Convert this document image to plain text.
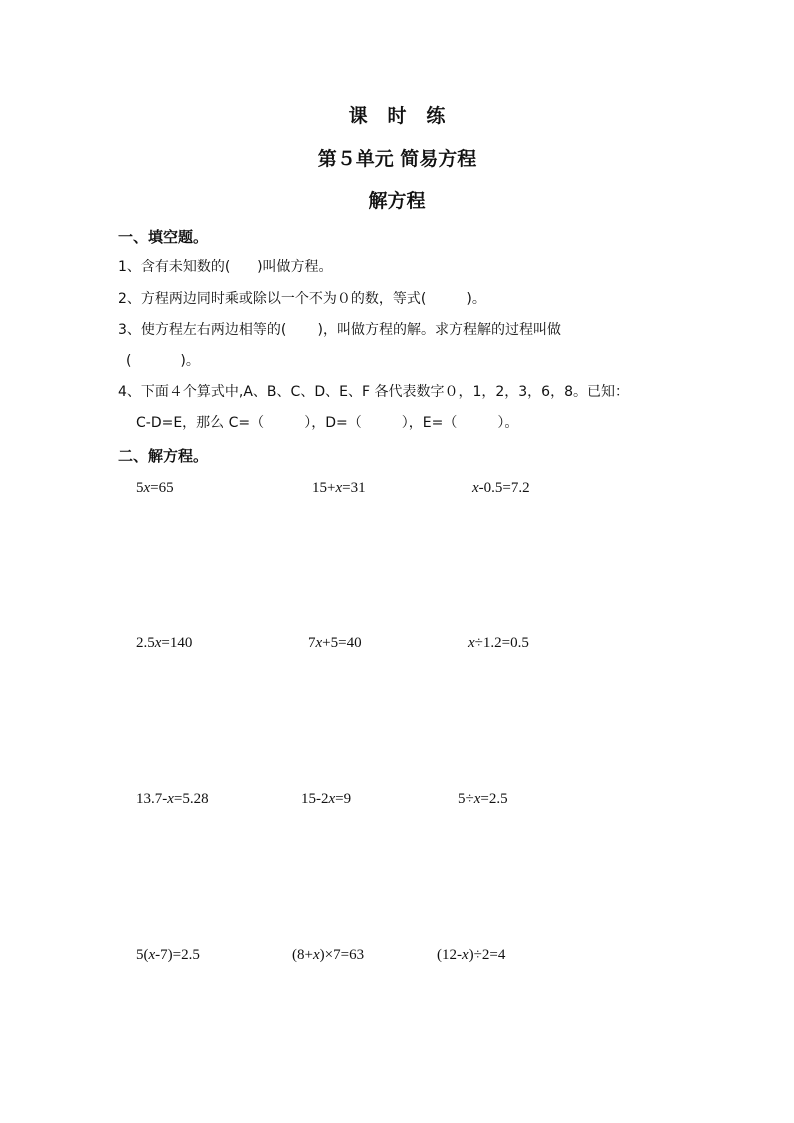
课   时   练
第５单元 简易方程
解方程
一、填空题。
1、含有未知数的(      )叫做方程。
2、方程两边同时乘或除以一个不为０的数，等式(         )。
3、使方程左右两边相等的(       )，叫做方程的解。求方程解的过程叫做
(           )。
4、下面４个算式中,A、B、C、D、E、F 各代表数字０，1，2，3，6，8。已知：
C-D=E，那么 C=（         ），D=（         ），E=（         ）。
二、解方程。
5x=65	15+x=31	x-0.5=7.2
2.5x=140	7x+5=40	x÷1.2=0.5
13.7-x=5.28	15-2x=9	5÷x=2.5
5(x-7)=2.5	(8+x)×7=63	(12-x)÷2=4
